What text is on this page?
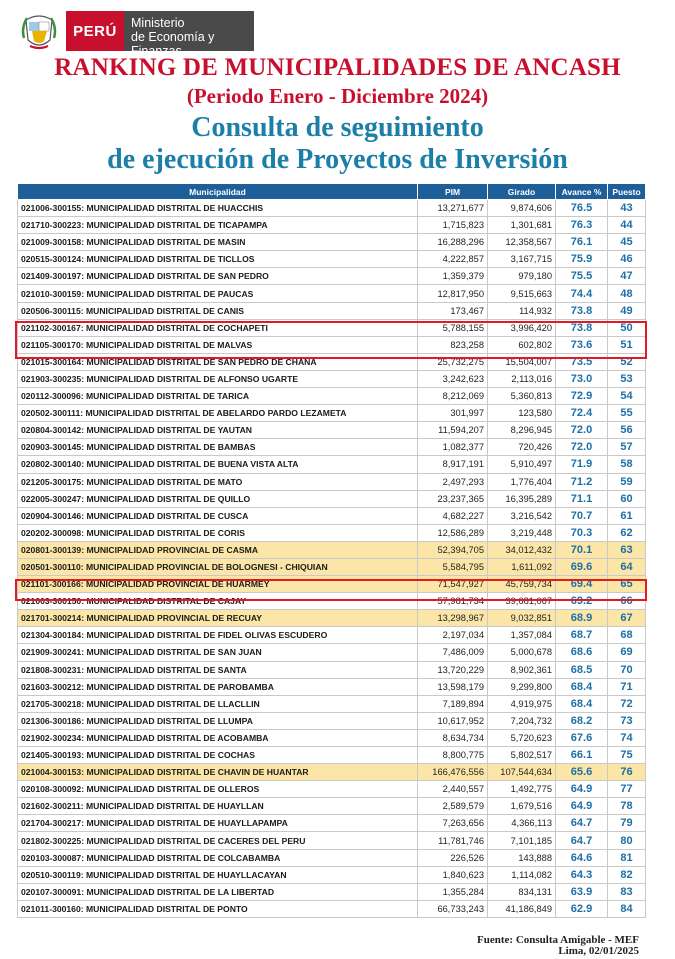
PERÚ	Ministerio
de Economía y Finanzas
RANKING DE MUNICIPALIDADES DE ANCASH
(Periodo Enero - Diciembre 2024)
Consulta de seguimiento
de ejecución de Proyectos de Inversión
Municipalidad	PIM	Girado	Avance %	Puesto
021006-300155: MUNICIPALIDAD DISTRITAL DE HUACCHIS	13,271,677	9,874,606	76.5	43
021710-300223: MUNICIPALIDAD DISTRITAL DE TICAPAMPA	1,715,823	1,301,681	76.3	44
021009-300158: MUNICIPALIDAD DISTRITAL DE MASIN	16,288,296	12,358,567	76.1	45
020515-300124: MUNICIPALIDAD DISTRITAL DE TICLLOS	4,222,857	3,167,715	75.9	46
021409-300197: MUNICIPALIDAD DISTRITAL DE SAN PEDRO	1,359,379	979,180	75.5	47
021010-300159: MUNICIPALIDAD DISTRITAL DE PAUCAS	12,817,950	9,515,663	74.4	48
020506-300115: MUNICIPALIDAD DISTRITAL DE CANIS	173,467	114,932	73.8	49
021102-300167: MUNICIPALIDAD DISTRITAL DE COCHAPETI	5,788,155	3,996,420	73.8	50
021105-300170: MUNICIPALIDAD DISTRITAL DE MALVAS	823,258	602,802	73.6	51
021015-300164: MUNICIPALIDAD DISTRITAL DE SAN PEDRO DE CHANA	25,732,275	15,504,007	73.5	52
021903-300235: MUNICIPALIDAD DISTRITAL DE ALFONSO UGARTE	3,242,623	2,113,016	73.0	53
020112-300096: MUNICIPALIDAD DISTRITAL DE TARICA	8,212,069	5,360,813	72.9	54
020502-300111: MUNICIPALIDAD DISTRITAL DE ABELARDO PARDO LEZAMETA	301,997	123,580	72.4	55
020804-300142: MUNICIPALIDAD DISTRITAL DE YAUTAN	11,594,207	8,296,945	72.0	56
020903-300145: MUNICIPALIDAD DISTRITAL DE BAMBAS	1,082,377	720,426	72.0	57
020802-300140: MUNICIPALIDAD DISTRITAL DE BUENA VISTA ALTA	8,917,191	5,910,497	71.9	58
021205-300175: MUNICIPALIDAD DISTRITAL DE MATO	2,497,293	1,776,404	71.2	59
022005-300247: MUNICIPALIDAD DISTRITAL DE QUILLO	23,237,365	16,395,289	71.1	60
020904-300146: MUNICIPALIDAD DISTRITAL DE CUSCA	4,682,227	3,216,542	70.7	61
020202-300098: MUNICIPALIDAD DISTRITAL DE CORIS	12,586,289	3,219,448	70.3	62
020801-300139: MUNICIPALIDAD PROVINCIAL DE CASMA	52,394,705	34,012,432	70.1	63
020501-300110: MUNICIPALIDAD PROVINCIAL DE BOLOGNESI - CHIQUIAN	5,584,795	1,611,092	69.6	64
021101-300166: MUNICIPALIDAD PROVINCIAL DE HUARMEY	71,547,927	45,759,734	69.4	65
021003-300150: MUNICIPALIDAD DISTRITAL DE CAJAY	57,981,734	39,681,067	69.2	66
021701-300214: MUNICIPALIDAD PROVINCIAL DE RECUAY	13,298,967	9,032,851	68.9	67
021304-300184: MUNICIPALIDAD DISTRITAL DE FIDEL OLIVAS ESCUDERO	2,197,034	1,357,084	68.7	68
021909-300241: MUNICIPALIDAD DISTRITAL DE SAN JUAN	7,486,009	5,000,678	68.6	69
021808-300231: MUNICIPALIDAD DISTRITAL DE SANTA	13,720,229	8,902,361	68.5	70
021603-300212: MUNICIPALIDAD DISTRITAL DE PAROBAMBA	13,598,179	9,299,800	68.4	71
021705-300218: MUNICIPALIDAD DISTRITAL DE LLACLLIN	7,189,894	4,919,975	68.4	72
021306-300186: MUNICIPALIDAD DISTRITAL DE LLUMPA	10,617,952	7,204,732	68.2	73
021902-300234: MUNICIPALIDAD DISTRITAL DE ACOBAMBA	8,634,734	5,720,623	67.6	74
021405-300193: MUNICIPALIDAD DISTRITAL DE COCHAS	8,800,775	5,802,517	66.1	75
021004-300153: MUNICIPALIDAD DISTRITAL DE CHAVIN DE HUANTAR	166,476,556	107,544,634	65.6	76
020108-300092: MUNICIPALIDAD DISTRITAL DE OLLEROS	2,440,557	1,492,775	64.9	77
021602-300211: MUNICIPALIDAD DISTRITAL DE HUAYLLAN	2,589,579	1,679,516	64.9	78
021704-300217: MUNICIPALIDAD DISTRITAL DE HUAYLLAPAMPA	7,263,656	4,366,113	64.7	79
021802-300225: MUNICIPALIDAD DISTRITAL DE CACERES DEL PERU	11,781,746	7,101,185	64.7	80
020103-300087: MUNICIPALIDAD DISTRITAL DE COLCABAMBA	226,526	143,888	64.6	81
020510-300119: MUNICIPALIDAD DISTRITAL DE HUAYLLACAYAN	1,840,623	1,114,082	64.3	82
020107-300091: MUNICIPALIDAD DISTRITAL DE LA LIBERTAD	1,355,284	834,131	63.9	83
021011-300160: MUNICIPALIDAD DISTRITAL DE PONTO	66,733,243	41,186,849	62.9	84
Fuente: Consulta Amigable - MEF
Lima, 02/01/2025
